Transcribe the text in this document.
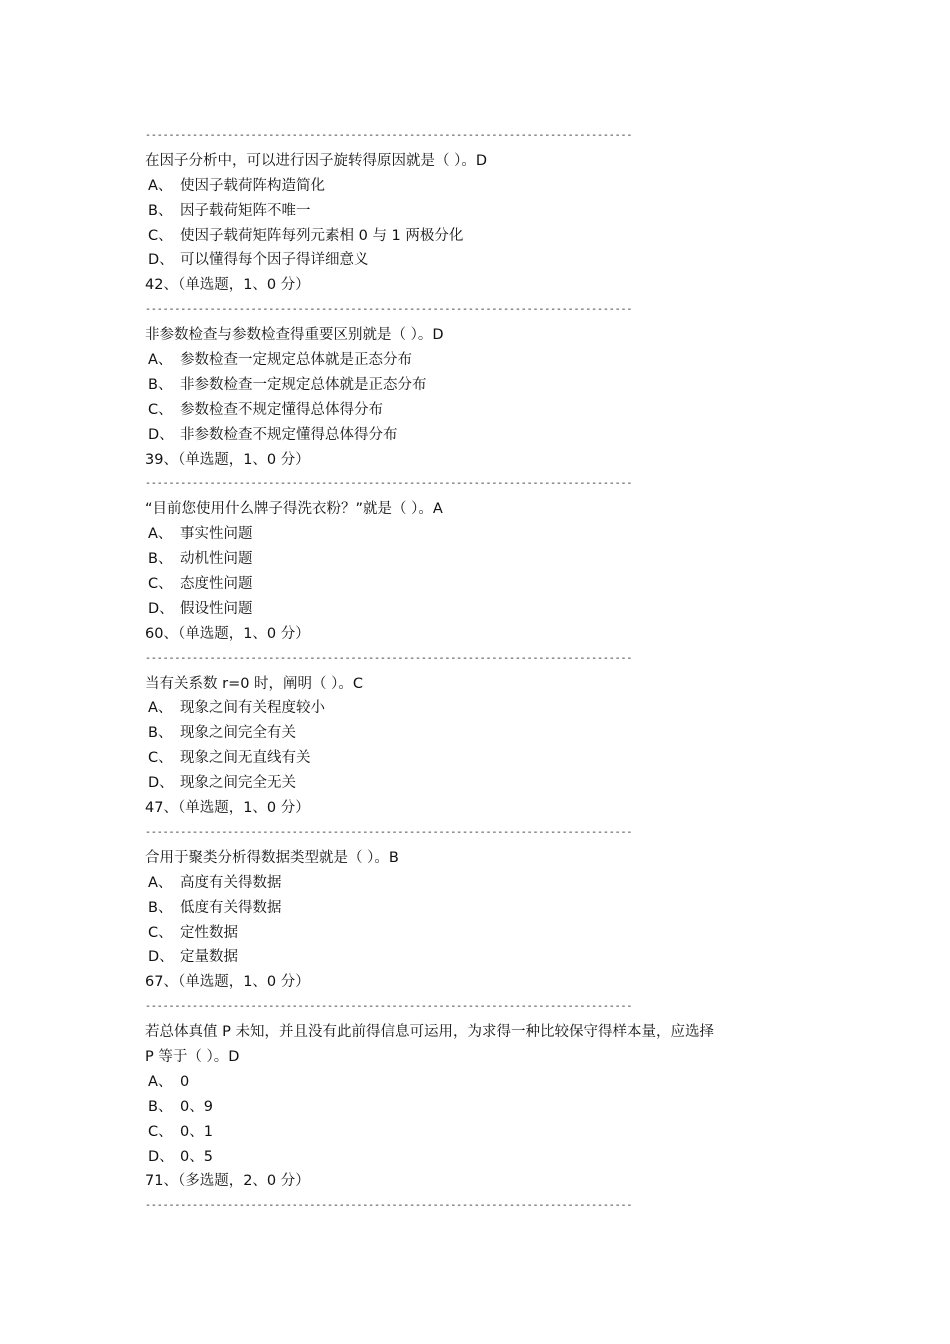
-----------------------------------------------------------------------------------
在因子分析中，可以进行因子旋转得原因就是（ ）。D
A、 使因子载荷阵构造简化
B、 因子载荷矩阵不唯一
C、 使因子载荷矩阵每列元素相 0 与 1 两极分化
D、 可以懂得每个因子得详细意义
42、（单选题，1、0 分）
-----------------------------------------------------------------------------------
非参数检查与参数检查得重要区别就是（ ）。D
A、 参数检查一定规定总体就是正态分布
B、 非参数检查一定规定总体就是正态分布
C、 参数检查不规定懂得总体得分布
D、 非参数检查不规定懂得总体得分布
39、（单选题，1、0 分）
-----------------------------------------------------------------------------------
“目前您使用什么牌子得洗衣粉？”就是（ ）。A
A、 事实性问题
B、 动机性问题
C、 态度性问题
D、 假设性问题
60、（单选题，1、0 分）
-----------------------------------------------------------------------------------
当有关系数 r=0 时，阐明（ ）。C
A、 现象之间有关程度较小
B、 现象之间完全有关
C、 现象之间无直线有关
D、 现象之间完全无关
47、（单选题，1、0 分）
-----------------------------------------------------------------------------------
合用于聚类分析得数据类型就是（ ）。B
A、 高度有关得数据
B、 低度有关得数据
C、 定性数据
D、 定量数据
67、（单选题，1、0 分）
-----------------------------------------------------------------------------------
若总体真值 P 未知，并且没有此前得信息可运用，为求得一种比较保守得样本量，应选择
P 等于（ ）。D
A、 0
B、 0、9
C、 0、1
D、 0、5
71、（多选题，2、0 分）
-----------------------------------------------------------------------------------
